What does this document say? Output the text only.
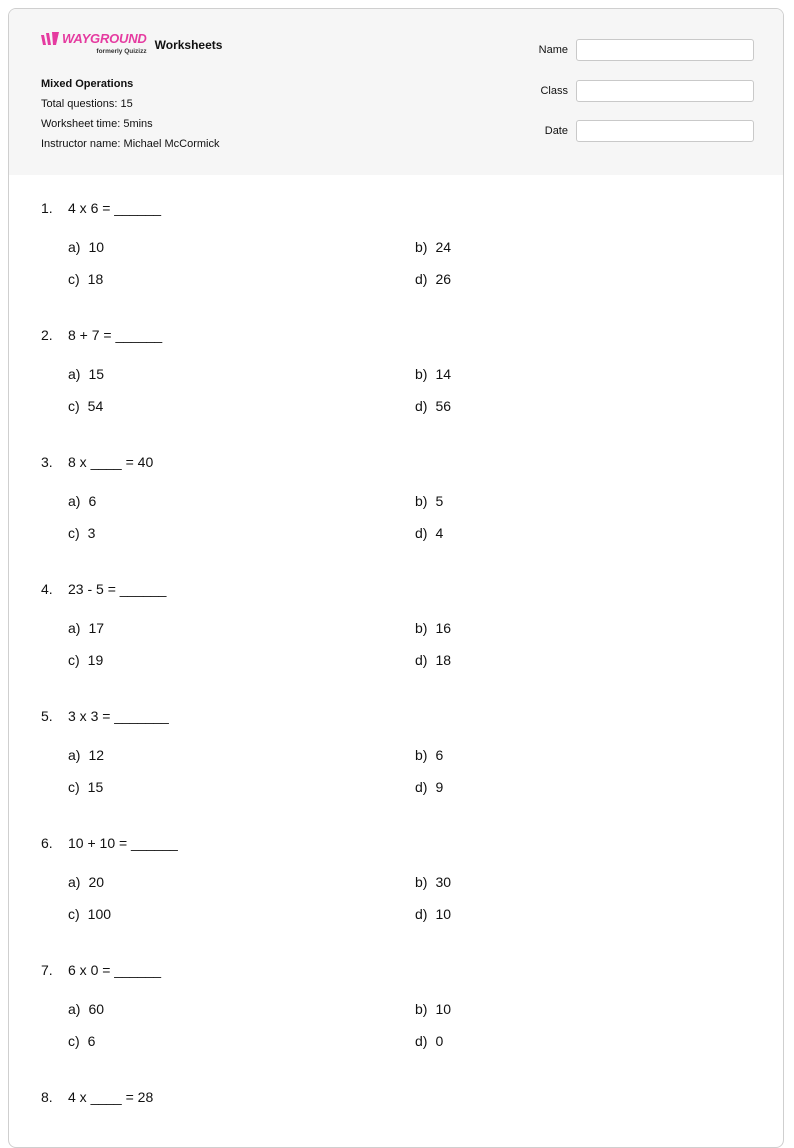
WAYGROUND
formerly Quizizz Worksheets
Mixed Operations
Total questions: 15
Worksheet time: 5mins
Instructor name: Michael McCormick
Name
Class
Date
1. 4 x 6 = ______
a) 10	b) 24
c) 18	d) 26
2. 8 + 7 = ______
a) 15	b) 14
c) 54	d) 56
3. 8 x ____ = 40
a) 6	b) 5
c) 3	d) 4
4. 23 - 5 = ______
a) 17	b) 16
c) 19	d) 18
5. 3 x 3 = _______
a) 12	b) 6
c) 15	d) 9
6. 10 + 10 = ______
a) 20	b) 30
c) 100	d) 10
7. 6 x 0 = ______
a) 60	b) 10
c) 6	d) 0
8. 4 x ____ = 28
